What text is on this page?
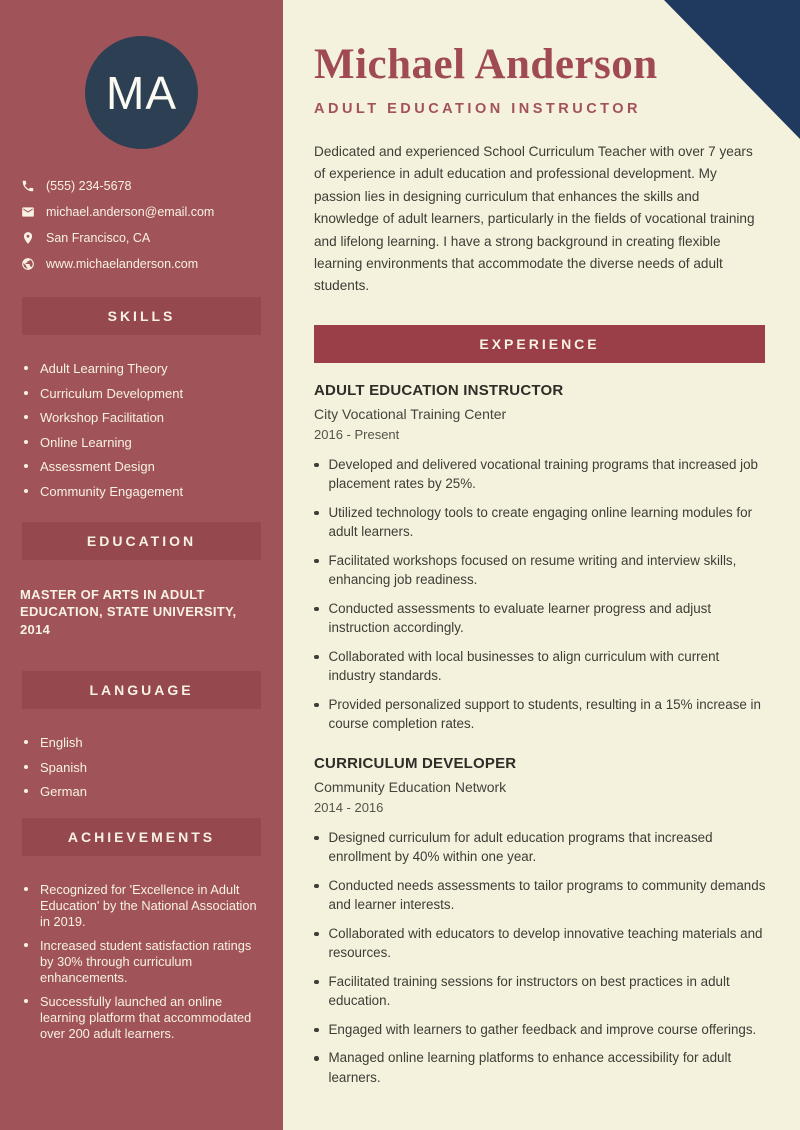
MA
(555) 234-5678
michael.anderson@email.com
San Francisco, CA
www.michaelanderson.com
SKILLS
Adult Learning Theory
Curriculum Development
Workshop Facilitation
Online Learning
Assessment Design
Community Engagement
EDUCATION
MASTER OF ARTS IN ADULT EDUCATION, STATE UNIVERSITY, 2014
LANGUAGE
English
Spanish
German
ACHIEVEMENTS
Recognized for 'Excellence in Adult Education' by the National Association in 2019.
Increased student satisfaction ratings by 30% through curriculum enhancements.
Successfully launched an online learning platform that accommodated over 200 adult learners.
Michael Anderson
ADULT EDUCATION INSTRUCTOR

Dedicated and experienced School Curriculum Teacher with over 7 years of experience in adult education and professional development. My passion lies in designing curriculum that enhances the skills and knowledge of adult learners, particularly in the fields of vocational training and lifelong learning. I have a strong background in creating flexible learning environments that accommodate the diverse needs of adult students.

EXPERIENCE
ADULT EDUCATION INSTRUCTOR
City Vocational Training Center
2016 - Present
Developed and delivered vocational training programs that increased job placement rates by 25%.
Utilized technology tools to create engaging online learning modules for adult learners.
Facilitated workshops focused on resume writing and interview skills, enhancing job readiness.
Conducted assessments to evaluate learner progress and adjust instruction accordingly.
Collaborated with local businesses to align curriculum with current industry standards.
Provided personalized support to students, resulting in a 15% increase in course completion rates.
CURRICULUM DEVELOPER
Community Education Network
2014 - 2016
Designed curriculum for adult education programs that increased enrollment by 40% within one year.
Conducted needs assessments to tailor programs to community demands and learner interests.
Collaborated with educators to develop innovative teaching materials and resources.
Facilitated training sessions for instructors on best practices in adult education.
Engaged with learners to gather feedback and improve course offerings.
Managed online learning platforms to enhance accessibility for adult learners.
